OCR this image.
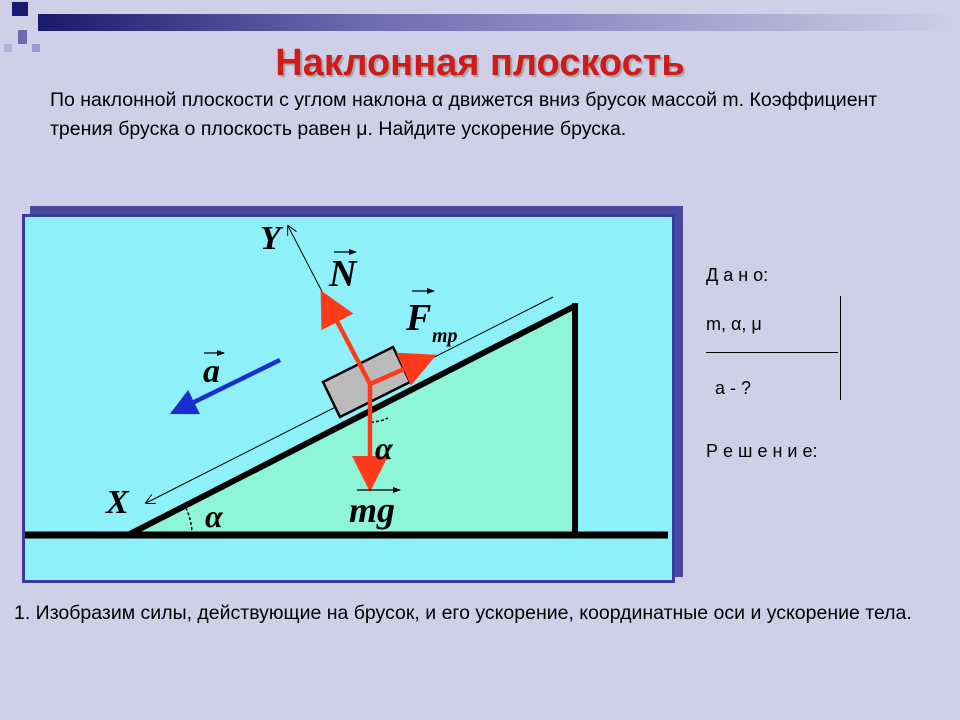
Наклонная плоскость
По наклонной плоскости с углом наклона α движется вниз брусок массой m. Коэффициент трения бруска о плоскость равен μ. Найдите ускорение бруска.
Y
X
N
F тр
mg
a
α
α
Д а н о:
m, α, μ
а - ?
Р е ш е н и е:
1. Изобразим силы, действующие на брусок, и его ускорение, координатные оси и ускорение тела.
